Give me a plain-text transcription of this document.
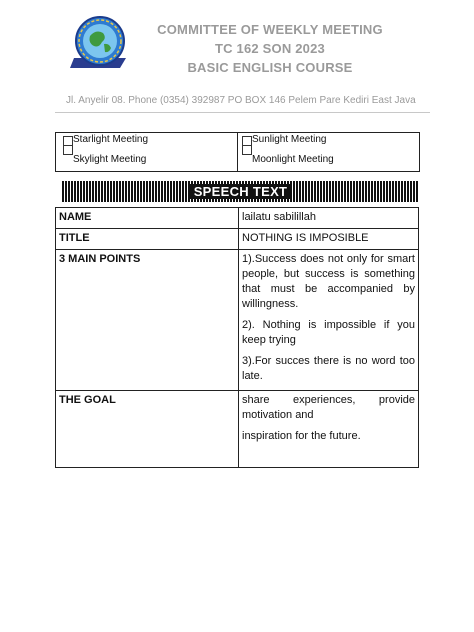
COMMITTEE OF WEEKLY MEETING
TC 162 SON 2023
BASIC ENGLISH COURSE
Jl. Anyelir 08. Phone (0354) 392987 PO BOX 146 Pelem Pare Kediri East Java
Starlight Meeting
Skylight Meeting
Sunlight Meeting
Moonlight Meeting
SPEECH TEXT
NAME	lailatu sabilillah
TITLE	NOTHING IS IMPOSIBLE
3 MAIN POINTS	1).Success does not only for smart people, but success is something that must be accompanied by willingness.

2). Nothing is impossible if you keep trying

3).For succes there is no word too late.

THE GOAL	share experiences, provide motivation and

inspiration for the future.
